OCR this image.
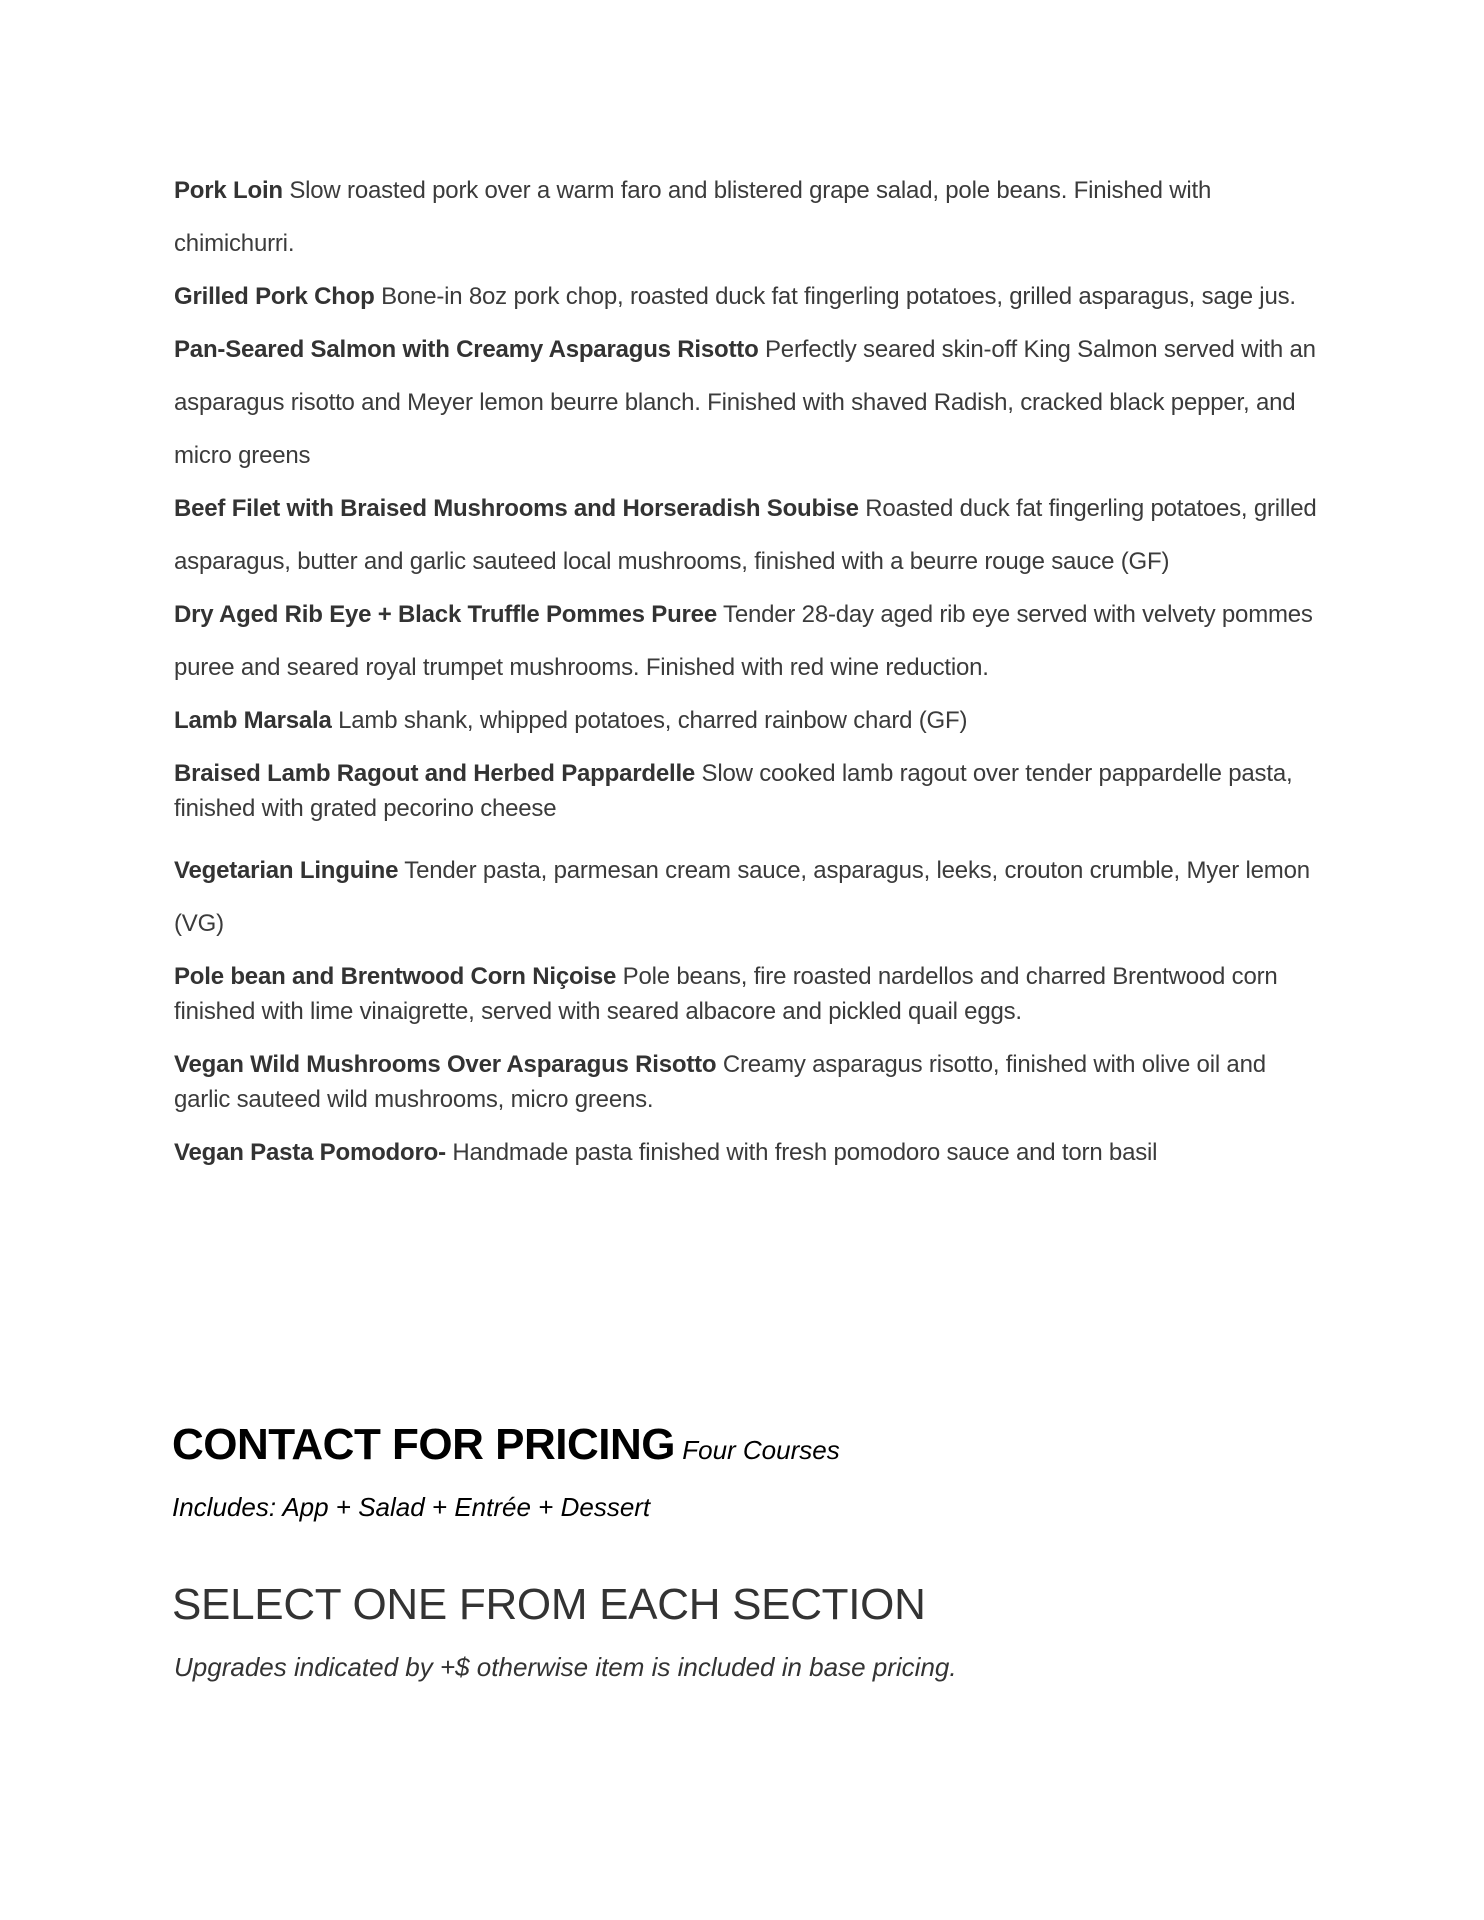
Pork Loin Slow roasted pork over a warm faro and blistered grape salad, pole beans. Finished with chimichurri.
Grilled Pork Chop Bone-in 8oz pork chop, roasted duck fat fingerling potatoes, grilled asparagus, sage jus.
Pan-Seared Salmon with Creamy Asparagus Risotto Perfectly seared skin-off King Salmon served with an asparagus risotto and Meyer lemon beurre blanch. Finished with shaved Radish, cracked black pepper, and micro greens
Beef Filet with Braised Mushrooms and Horseradish Soubise Roasted duck fat fingerling potatoes, grilled asparagus, butter and garlic sauteed local mushrooms, finished with a beurre rouge sauce (GF)
Dry Aged Rib Eye + Black Truffle Pommes Puree Tender 28-day aged rib eye served with velvety pommes puree and seared royal trumpet mushrooms. Finished with red wine reduction.
Lamb Marsala Lamb shank, whipped potatoes, charred rainbow chard (GF)
Braised Lamb Ragout and Herbed Pappardelle Slow cooked lamb ragout over tender pappardelle pasta, finished with grated pecorino cheese
Vegetarian Linguine Tender pasta, parmesan cream sauce, asparagus, leeks, crouton crumble, Myer lemon (VG)
Pole bean and Brentwood Corn Niçoise Pole beans, fire roasted nardellos and charred Brentwood corn finished with lime vinaigrette, served with seared albacore and pickled quail eggs.
Vegan Wild Mushrooms Over Asparagus Risotto Creamy asparagus risotto, finished with olive oil and garlic sauteed wild mushrooms, micro greens.
Vegan Pasta Pomodoro- Handmade pasta finished with fresh pomodoro sauce and torn basil
CONTACT FOR PRICING Four Courses
Includes: App + Salad + Entrée + Dessert
SELECT ONE FROM EACH SECTION
Upgrades indicated by +$ otherwise item is included in base pricing.
